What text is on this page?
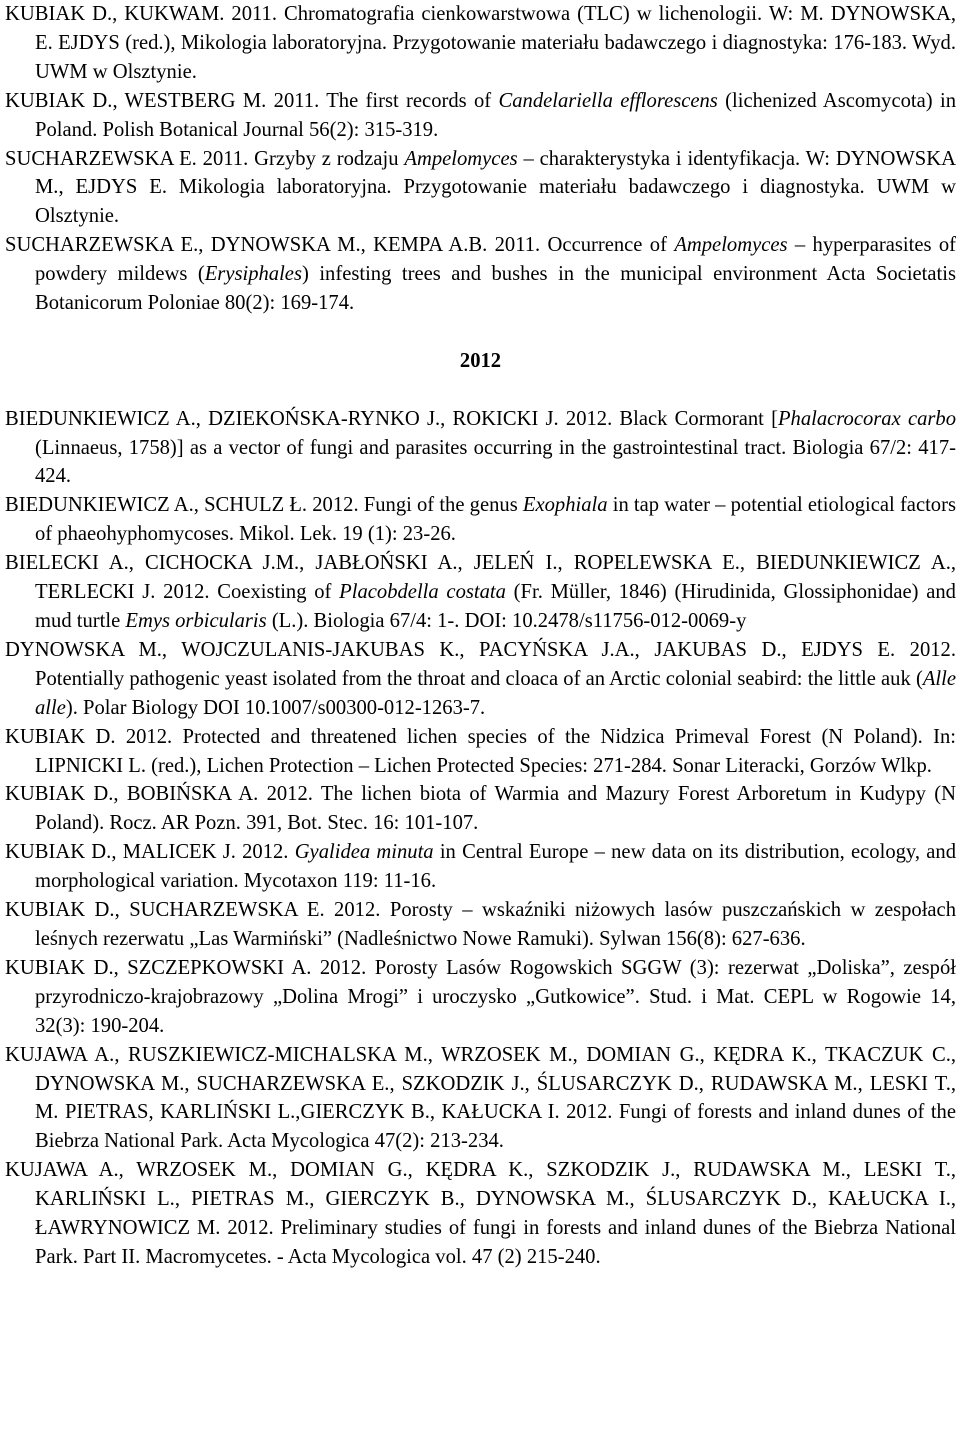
KUBIAK D., KUKWAM. 2011. Chromatografia cienkowarstwowa (TLC) w lichenologii. W: M. DYNOWSKA, E. EJDYS (red.), Mikologia laboratoryjna. Przygotowanie materiału badawczego i diagnostyka: 176-183. Wyd. UWM w Olsztynie.

KUBIAK D., WESTBERG M. 2011. The first records of Candelariella efflorescens (lichenized Ascomycota) in Poland. Polish Botanical Journal 56(2): 315-319.

SUCHARZEWSKA E. 2011. Grzyby z rodzaju Ampelomyces – charakterystyka i identyfikacja. W: DYNOWSKA M., EJDYS E. Mikologia laboratoryjna. Przygotowanie materiału badawczego i diagnostyka. UWM w Olsztynie.

SUCHARZEWSKA E., DYNOWSKA M., KEMPA A.B. 2011. Occurrence of Ampelomyces – hyperparasites of powdery mildews (Erysiphales) infesting trees and bushes in the municipal environment Acta Societatis Botanicorum Poloniae 80(2): 169-174.

2012

BIEDUNKIEWICZ A., DZIEKOŃSKA-RYNKO J., ROKICKI J. 2012. Black Cormorant [Phalacrocorax carbo (Linnaeus, 1758)] as a vector of fungi and parasites occurring in the gastrointestinal tract. Biologia 67/2: 417-424.

BIEDUNKIEWICZ A., SCHULZ Ł. 2012. Fungi of the genus Exophiala in tap water – potential etiological factors of phaeohyphomycoses. Mikol. Lek. 19 (1): 23-26.

BIELECKI A., CICHOCKA J.M., JABŁOŃSKI A., JELEŃ I., ROPELEWSKA E., BIEDUNKIEWICZ A., TERLECKI J. 2012. Coexisting of Placobdella costata (Fr. Müller, 1846) (Hirudinida, Glossiphonidae) and mud turtle Emys orbicularis (L.). Biologia 67/4: 1-. DOI: 10.2478/s11756-012-0069-y

DYNOWSKA M., WOJCZULANIS-JAKUBAS K., PACYŃSKA J.A., JAKUBAS D., EJDYS E. 2012. Potentially pathogenic yeast isolated from the throat and cloaca of an Arctic colonial seabird: the little auk (Alle alle). Polar Biology DOI 10.1007/s00300-012-1263-7.

KUBIAK D. 2012. Protected and threatened lichen species of the Nidzica Primeval Forest (N Poland). In: LIPNICKI L. (red.), Lichen Protection – Lichen Protected Species: 271-284. Sonar Literacki, Gorzów Wlkp.

KUBIAK D., BOBIŃSKA A. 2012. The lichen biota of Warmia and Mazury Forest Arboretum in Kudypy (N Poland). Rocz. AR Pozn. 391, Bot. Stec. 16: 101-107.

KUBIAK D., MALICEK J. 2012. Gyalidea minuta in Central Europe – new data on its distribution, ecology, and morphological variation. Mycotaxon 119: 11-16.

KUBIAK D., SUCHARZEWSKA E. 2012. Porosty – wskaźniki niżowych lasów puszczańskich w zespołach leśnych rezerwatu „Las Warmiński” (Nadleśnictwo Nowe Ramuki). Sylwan 156(8): 627-636.

KUBIAK D., SZCZEPKOWSKI A. 2012. Porosty Lasów Rogowskich SGGW (3): rezerwat „Doliska”, zespół przyrodniczo-krajobrazowy „Dolina Mrogi” i uroczysko „Gutkowice”. Stud. i Mat. CEPL w Rogowie 14, 32(3): 190-204.

KUJAWA A., RUSZKIEWICZ-MICHALSKA M., WRZOSEK M., DOMIAN G., KĘDRA K., TKACZUK C., DYNOWSKA M., SUCHARZEWSKA E., SZKODZIK J., ŚLUSARCZYK D., RUDAWSKA M., LESKI T., M. PIETRAS, KARLIŃSKI L.,GIERCZYK B., KAŁUCKA I. 2012. Fungi of forests and inland dunes of the Biebrza National Park. Acta Mycologica 47(2): 213-234.

KUJAWA A., WRZOSEK M., DOMIAN G., KĘDRA K., SZKODZIK J., RUDAWSKA M., LESKI T., KARLIŃSKI L., PIETRAS M., GIERCZYK B., DYNOWSKA M., ŚLUSARCZYK D., KAŁUCKA I., ŁAWRYNOWICZ M. 2012. Preliminary studies of fungi in forests and inland dunes of the Biebrza National Park. Part II. Macromycetes. - Acta Mycologica vol. 47 (2) 215-240.
